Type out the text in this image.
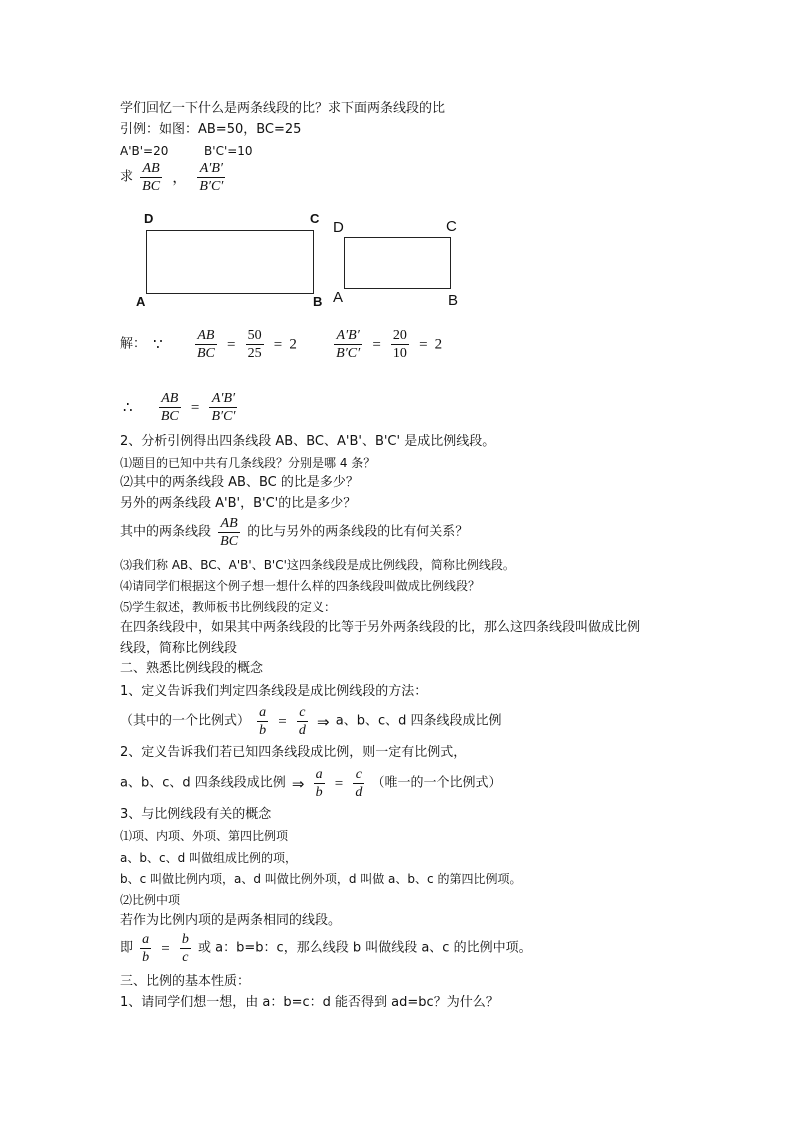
学们回忆一下什么是两条线段的比？求下面两条线段的比
引例：如图：AB=50，BC=25
A'B'=20	B'C'=10
求 $\frac{AB}{BC}$ ， $\frac{A'B'}{B'C'}$
D	C
A	B
D	C
A	B
解： ∵ $\frac{AB}{BC} = \frac{50}{25} = 2$	$\frac{A'B'}{B'C'} = \frac{20}{10} = 2$
∴ $\frac{AB}{BC} = \frac{A'B'}{B'C'}$
2、分析引例得出四条线段 AB、BC、A'B'、B'C' 是成比例线段。
⑴题目的已知中共有几条线段？分别是哪 4 条？
⑵其中的两条线段 AB、BC 的比是多少？
另外的两条线段 A'B'，B'C'的比是多少？
其中的两条线段 $\frac{AB}{BC}$ 的比与另外的两条线段的比有何关系？
⑶我们称 AB、BC、A'B'、B'C'这四条线段是成比例线段，简称比例线段。
⑷请同学们根据这个例子想一想什么样的四条线段叫做成比例线段？
⑸学生叙述，教师板书比例线段的定义：
在四条线段中，如果其中两条线段的比等于另外两条线段的比，那么这四条线段叫做成比例
线段，简称比例线段
二、熟悉比例线段的概念
1、定义告诉我们判定四条线段是成比例线段的方法：
（其中的一个比例式） $\frac{a}{b} = \frac{c}{d}$ ⇒ a、b、c、d 四条线段成比例
2、定义告诉我们若已知四条线段成比例，则一定有比例式，
a、b、c、d 四条线段成比例 ⇒ $\frac{a}{b} = \frac{c}{d}$ （唯一的一个比例式）
3、与比例线段有关的概念
⑴项、内项、外项、第四比例项
a、b、c、d 叫做组成比例的项，
b、c 叫做比例内项，a、d 叫做比例外项，d 叫做 a、b、c 的第四比例项。
⑵比例中项
若作为比例内项的是两条相同的线段。
即 $\frac{a}{b} = \frac{b}{c}$ 或 a：b=b：c，那么线段 b 叫做线段 a、c 的比例中项。
三、比例的基本性质：
1、请同学们想一想，由 a：b=c：d 能否得到 ad=bc？为什么？
